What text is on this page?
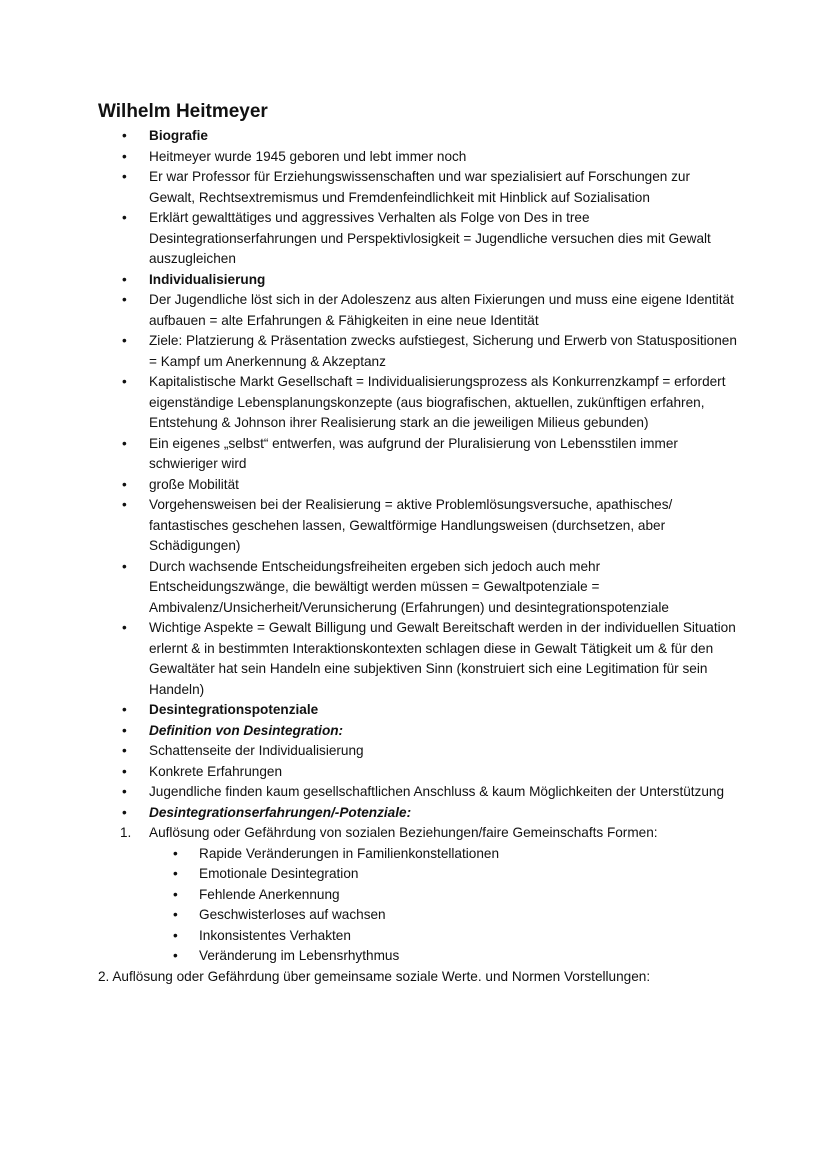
Wilhelm Heitmeyer
• Biografie
• Heitmeyer wurde 1945 geboren und lebt immer noch
• Er war Professor für Erziehungswissenschaften und war spezialisiert auf Forschungen zur Gewalt, Rechtsextremismus und Fremdenfeindlichkeit mit Hinblick auf Sozialisation
• Erklärt gewalttätiges und aggressives Verhalten als Folge von Des in tree Desintegrationserfahrungen und Perspektivlosigkeit = Jugendliche versuchen dies mit Gewalt auszugleichen
• Individualisierung
• Der Jugendliche löst sich in der Adoleszenz aus alten Fixierungen und muss eine eigene Identität aufbauen = alte Erfahrungen & Fähigkeiten in eine neue Identität
• Ziele: Platzierung & Präsentation zwecks aufstiegest, Sicherung und Erwerb von Statuspositionen = Kampf um Anerkennung & Akzeptanz
• Kapitalistische Markt Gesellschaft = Individualisierungsprozess als Konkurrenzkampf = erfordert eigenständige Lebensplanungskonzepte (aus biografischen, aktuellen, zukünftigen erfahren, Entstehung & Johnson ihrer Realisierung stark an die jeweiligen Milieus gebunden)
• Ein eigenes „selbst“ entwerfen, was aufgrund der Pluralisierung von Lebensstilen immer schwieriger wird
• große Mobilität
• Vorgehensweisen bei der Realisierung = aktive Problemlösungsversuche, apathisches/ fantastisches geschehen lassen, Gewaltförmige Handlungsweisen (durchsetzen, aber Schädigungen)
• Durch wachsende Entscheidungsfreiheiten ergeben sich jedoch auch mehr Entscheidungszwänge, die bewältigt werden müssen = Gewaltpotenziale = Ambivalenz/Unsicherheit/Verunsicherung (Erfahrungen) und desintegrationspotenziale
• Wichtige Aspekte = Gewalt Billigung und Gewalt Bereitschaft werden in der individuellen Situation erlernt & in bestimmten Interaktionskontexten schlagen diese in Gewalt Tätigkeit um & für den Gewaltäter hat sein Handeln eine subjektiven Sinn (konstruiert sich eine Legitimation für sein Handeln)
• Desintegrationspotenziale
• Definition von Desintegration:
• Schattenseite der Individualisierung
• Konkrete Erfahrungen
• Jugendliche finden kaum gesellschaftlichen Anschluss & kaum Möglichkeiten der Unterstützung
• Desintegrationserfahrungen/-Potenziale:
1. Auflösung oder Gefährdung von sozialen Beziehungen/faire Gemeinschafts Formen:
• Rapide Veränderungen in Familienkonstellationen
• Emotionale Desintegration
• Fehlende Anerkennung
• Geschwisterloses auf wachsen
• Inkonsistentes Verhakten
• Veränderung im Lebensrhythmus
2. Auflösung oder Gefährdung über gemeinsame soziale Werte. und Normen Vorstellungen:
